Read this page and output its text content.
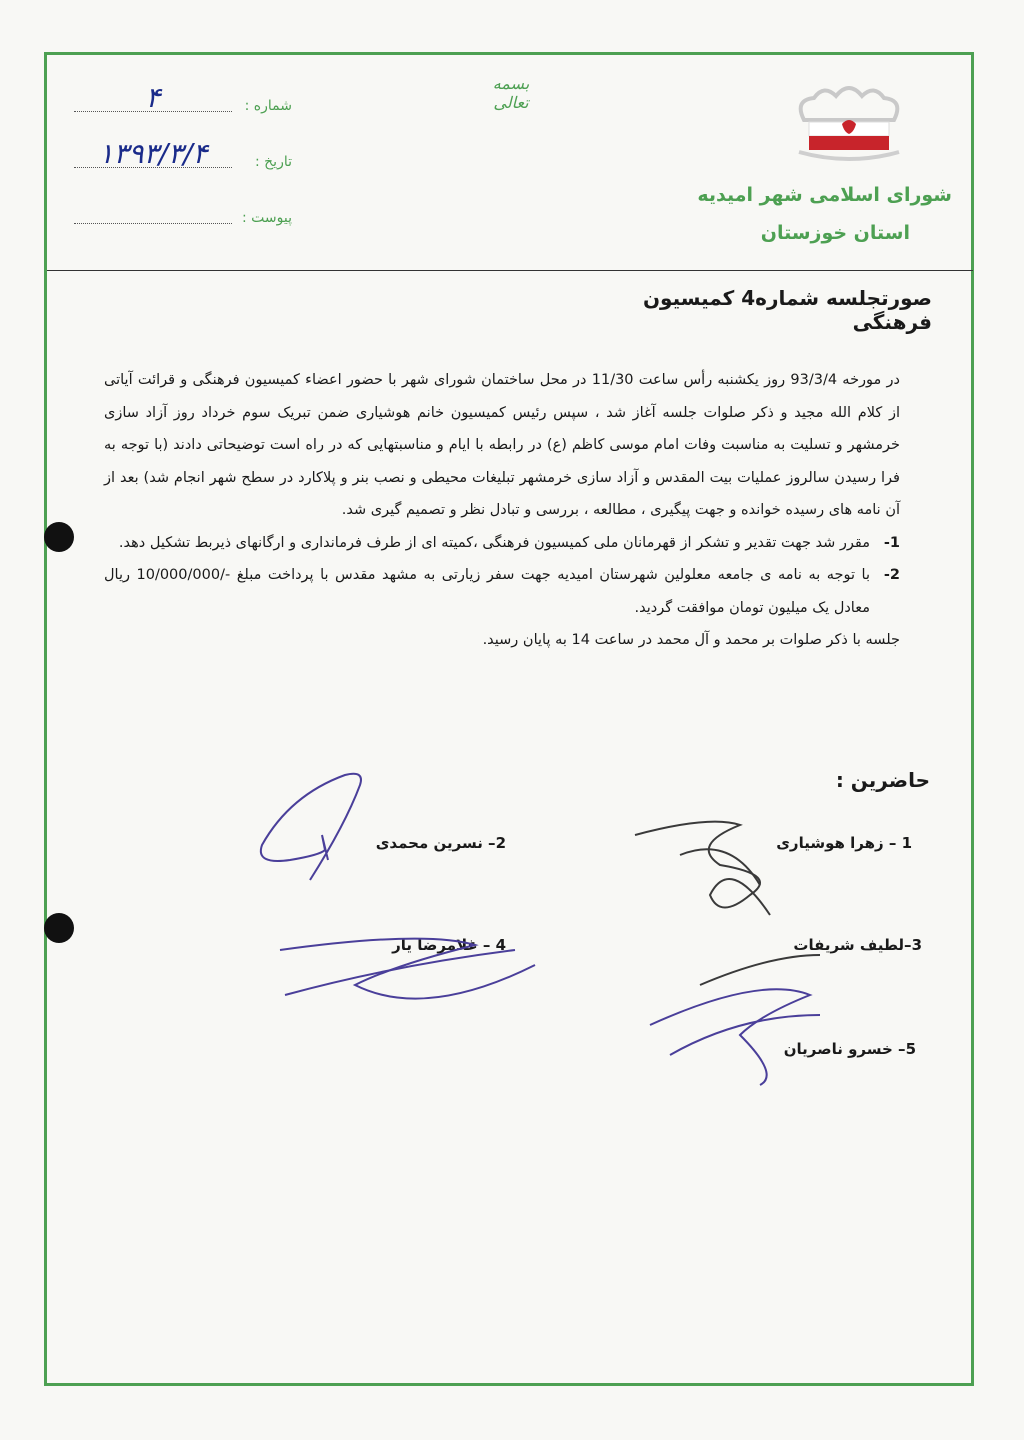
شورای اسلامی شهر امیدیه
استان خوزستان
بسمه تعالی
شماره :
۴
تاریخ :
۱۳۹۳/۳/۴
پیوست :
صورتجلسه شماره4 کمیسیون فرهنگی

در مورخه 93/3/4 روز یکشنبه رأس ساعت 11/30 در محل ساختمان شورای شهر با حضور اعضاء کمیسیون فرهنگی و قرائت آیاتی از کلام الله مجید و ذکر صلوات جلسه آغاز شد ، سپس رئیس کمیسیون خانم هوشیاری ضمن تبریک سوم خرداد روز آزاد سازی خرمشهر و تسلیت به مناسبت وفات امام موسی کاظم (ع) در رابطه با ایام و مناسبتهایی که در راه است توضیحاتی دادند (با توجه به فرا رسیدن سالروز عملیات بیت المقدس و آزاد سازی خرمشهر تبلیغات محیطی و نصب بنر و پلاکارد در سطح شهر انجام شد) بعد از آن نامه های رسیده خوانده و جهت پیگیری ، مطالعه ، بررسی و تبادل نظر و تصمیم گیری شد.

1-
مقرر شد جهت تقدیر و تشکر از قهرمانان ملی کمیسیون فرهنگی ،کمیته ای از طرف فرمانداری و ارگانهای ذیربط تشکیل دهد.
2-
با توجه به نامه ی جامعه معلولین شهرستان امیدیه جهت سفر زیارتی به مشهد مقدس با پرداخت مبلغ -/10/000/000 ریال معادل یک میلیون تومان موافقت گردید.

جلسه با ذکر صلوات بر محمد و آل محمد در ساعت 14 به پایان رسید.

حاضرین :
1 – زهرا هوشیاری
2– نسرین محمدی
3–لطیف شریفات
4 – غلامرضا یار
5– خسرو ناصریان
